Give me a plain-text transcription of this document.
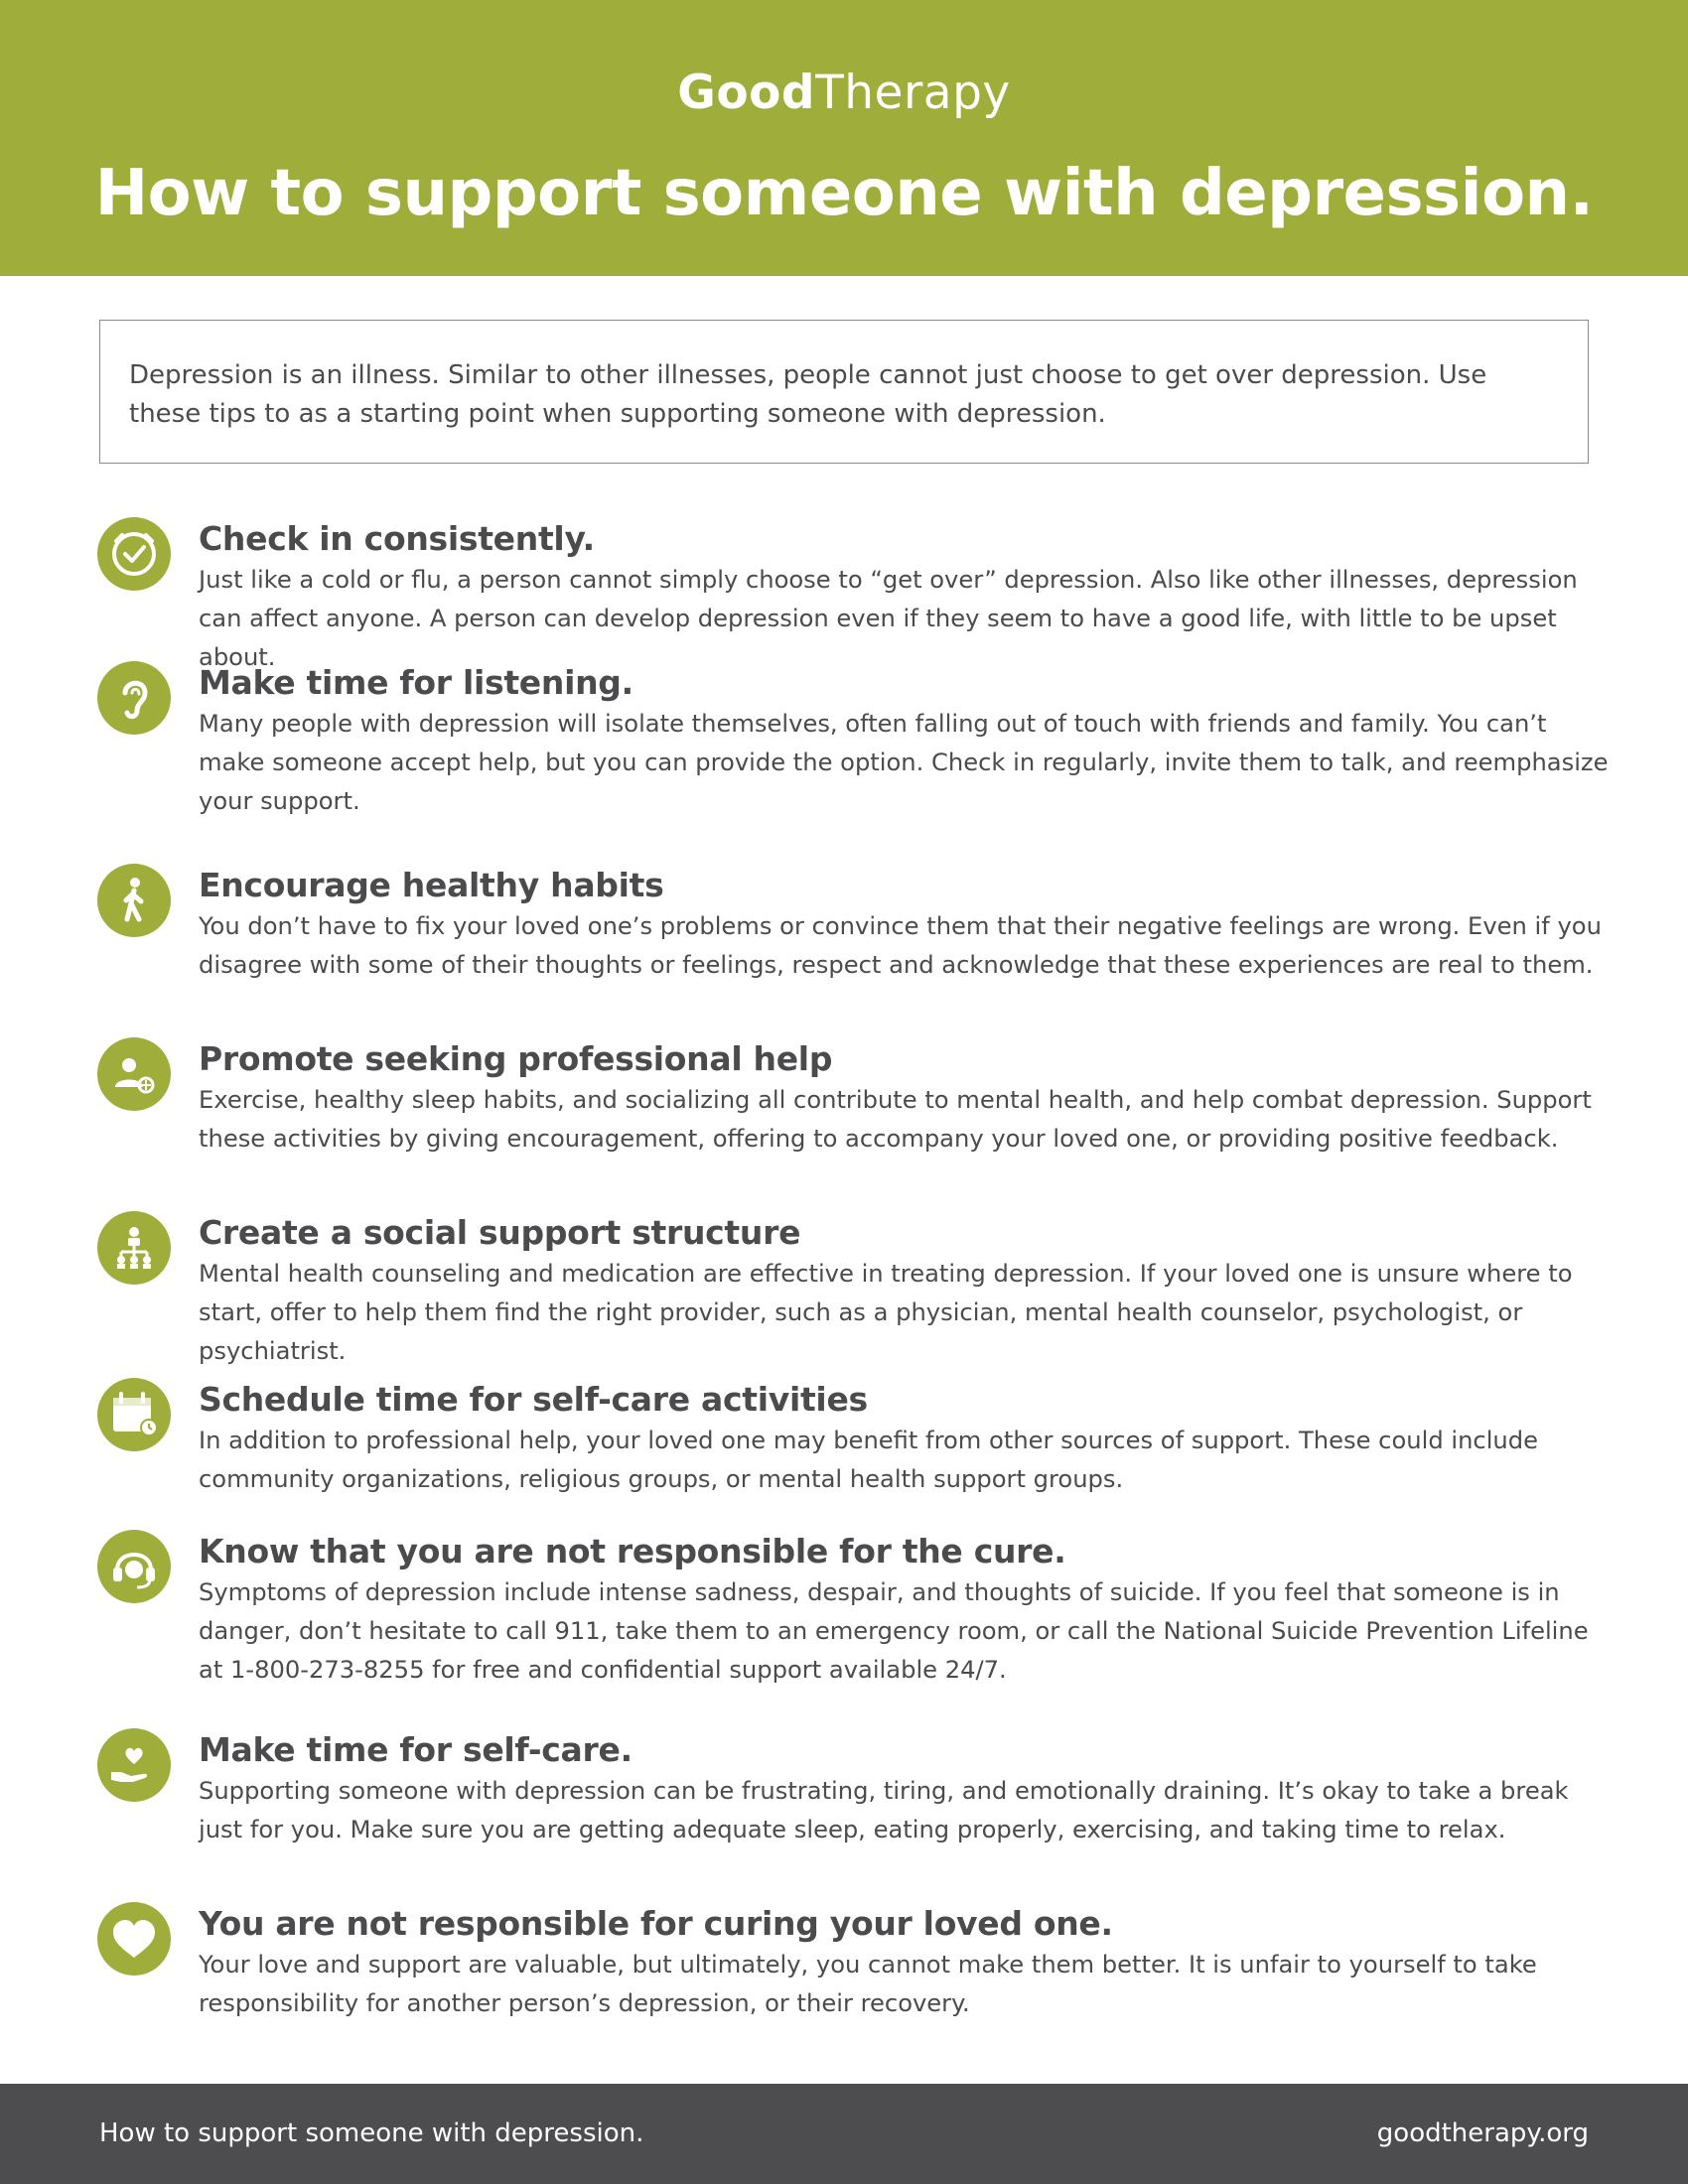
GoodTherapy
How to support someone with depression.
Depression is an illness. Similar to other illnesses, people cannot just choose to get over depression. Use these tips to as a starting point when supporting someone with depression.
Check in consistently.
Just like a cold or flu, a person cannot simply choose to “get over” depression. Also like other illnesses, depression can affect anyone. A person can develop depression even if they seem to have a good life, with little to be upset about.
Make time for listening.
Many people with depression will isolate themselves, often falling out of touch with friends and family. You can’t make someone accept help, but you can provide the option. Check in regularly, invite them to talk, and reemphasize your support.
Encourage healthy habits
You don’t have to fix your loved one’s problems or convince them that their negative feelings are wrong. Even if you disagree with some of their thoughts or feelings, respect and acknowledge that these experiences are real to them.
Promote seeking professional help
Exercise, healthy sleep habits, and socializing all contribute to mental health, and help combat depression. Support these activities by giving encouragement, offering to accompany your loved one, or providing positive feedback.
Create a social support structure
Mental health counseling and medication are effective in treating depression. If your loved one is unsure where to start, offer to help them find the right provider, such as a physician, mental health counselor, psychologist, or psychiatrist.
Schedule time for self-care activities
In addition to professional help, your loved one may benefit from other sources of support. These could include community organizations, religious groups, or mental health support groups.
Know that you are not responsible for the cure.
Symptoms of depression include intense sadness, despair, and thoughts of suicide. If you feel that someone is in danger, don’t hesitate to call 911, take them to an emergency room, or call the National Suicide Prevention Lifeline at 1-800-273-8255 for free and confidential support available 24/7.
Make time for self-care.
Supporting someone with depression can be frustrating, tiring, and emotionally draining. It’s okay to take a break just for you. Make sure you are getting adequate sleep, eating properly, exercising, and taking time to relax.
You are not responsible for curing your loved one.
Your love and support are valuable, but ultimately, you cannot make them better. It is unfair to yourself to take responsibility for another person’s depression, or their recovery.
How to support someone with depression.	goodtherapy.org
